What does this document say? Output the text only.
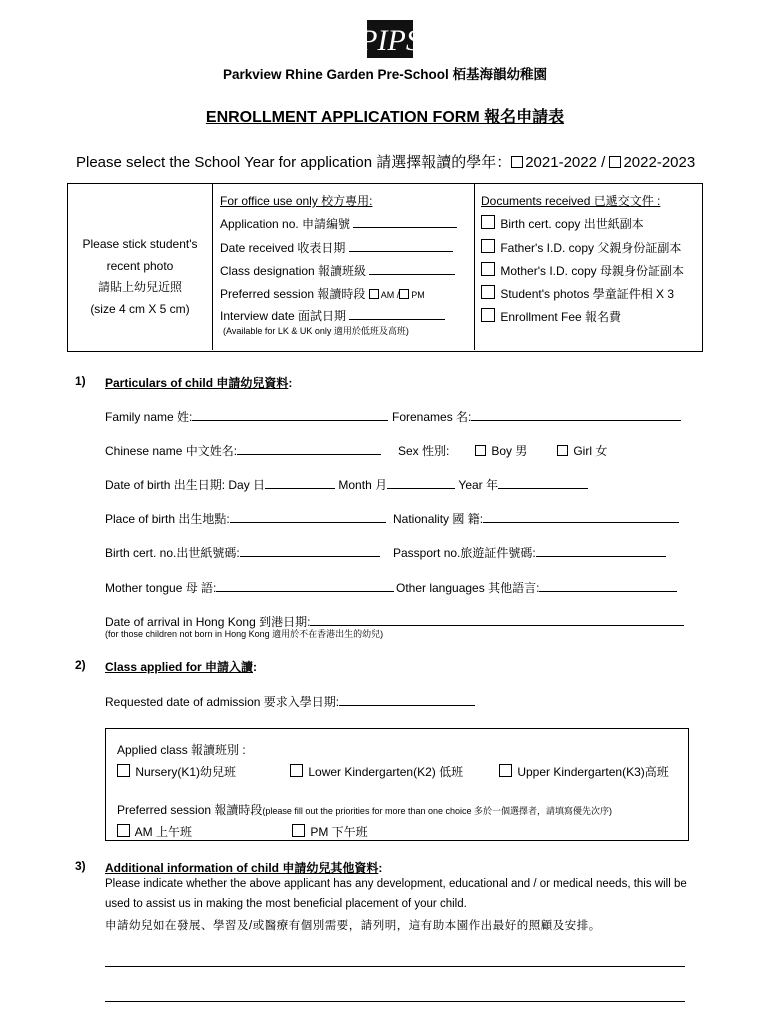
PIPS
Parkview Rhine Garden Pre-School 栢基海韻幼稚園
ENROLLMENT APPLICATION FORM 報名申請表
Please select the School Year for application 請選擇報讀的學年： 2021-2022 / 2022-2023
Please stick student's
recent photo
請貼上幼兒近照
(size 4 cm X 5 cm)
For office use only 校方專用:
Application no. 申請編號
Date received 收表日期
Class designation 報讀班級
Preferred session 報讀時段 AM / PM
Interview date 面試日期
(Available for LK & UK only 適用於低班及高班)
Documents received 已遞交文件 :
Birth cert. copy 出世紙副本
Father's I.D. copy 父親身份証副本
Mother's I.D. copy 母親身份証副本
Student's photos 學童証件相 X 3
Enrollment Fee 報名費
1) Particulars of child 申請幼兒資料:
Family name 姓:	Forenames 名:
Chinese name 中文姓名:	Sex 性別:	Boy 男	Girl 女
Date of birth 出生日期: Day 日	Month 月	Year 年
Place of birth 出生地點:	Nationality 國 籍:
Birth cert. no.出世紙號碼:	Passport no.旅遊証件號碼:
Mother tongue 母 語:	Other languages 其他語言:
Date of arrival in Hong Kong 到港日期:
(for those children not born in Hong Kong 適用於不在香港出生的幼兒)
2) Class applied for 申請入讀:
Requested date of admission 要求入學日期:
Applied class 報讀班別 :
Nursery(K1)幼兒班	Lower Kindergarten(K2) 低班	Upper Kindergarten(K3)高班
Preferred session 報讀時段(please fill out the priorities for more than one choice 多於一個選擇者，請填寫優先次序)
AM 上午班	PM 下午班
3) Additional information of child 申請幼兒其他資料:
Please indicate whether the above applicant has any development, educational and / or medical needs, this will be
used to assist us in making the most beneficial placement of your child.
申請幼兒如在發展、學習及/或醫療有個別需要，請列明，這有助本園作出最好的照顧及安排。
